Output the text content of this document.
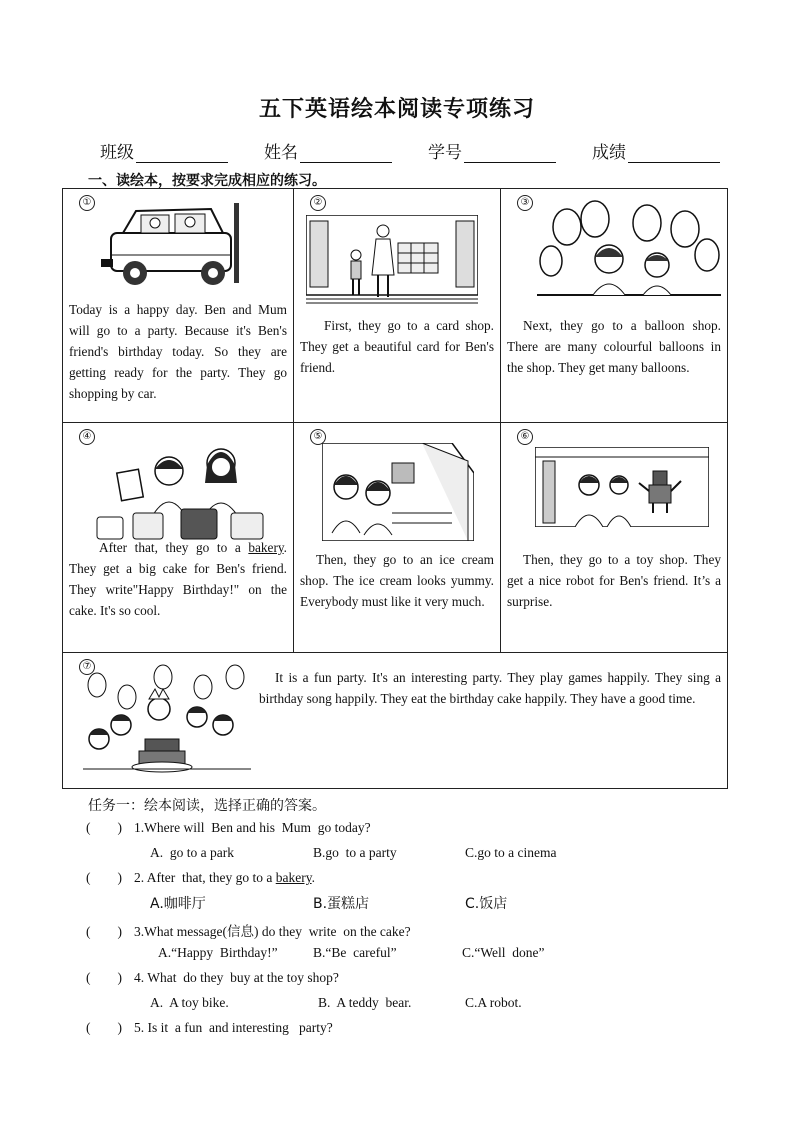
五下英语绘本阅读专项练习
班级	姓名	学号	成绩
一、读绘本，按要求完成相应的练习。
①
Today is a happy day. Ben and Mum will go to a party. Because it's Ben's friend's birthday today. So they are getting ready for the party. They go shopping by car.
②
First, they go to a card shop. They get a beautiful card for Ben's friend.
③
Next, they go to a balloon shop. There are many colourful balloons in the shop. They get many balloons.
④
After that, they go to a bakery. They get a big cake for Ben's friend. They write"Happy Birthday!" on the cake. It's so cool.
⑤
Then, they go to an ice cream shop. The ice cream looks yummy. Everybody must like it very much.
⑥
Then, they go to a toy shop. They get a nice robot for Ben's friend. It’s a surprise.
⑦
It is a fun party. It's an interesting party. They play games happily. They sing a birthday song happily. They eat the birthday cake happily. They have a good time.
任务一：绘本阅读，选择正确的答案。
(        ) 1.Where will  Ben and his  Mum  go today?
A.  go to a park	B.go  to a party	C.go to a cinema
(        ) 2. After  that, they go to a bakery.
A.咖啡厅	B.蛋糕店	C.饭店
(        ) 3.What message(信息) do they  write  on the cake?
A.“Happy  Birthday!”	B.“Be  careful”	C.“Well  done”
(        ) 4. What  do they  buy at the toy shop?
A.  A toy bike.	B.  A teddy  bear.	C.A robot.
(        ) 5. Is it  a fun  and interesting   party?
